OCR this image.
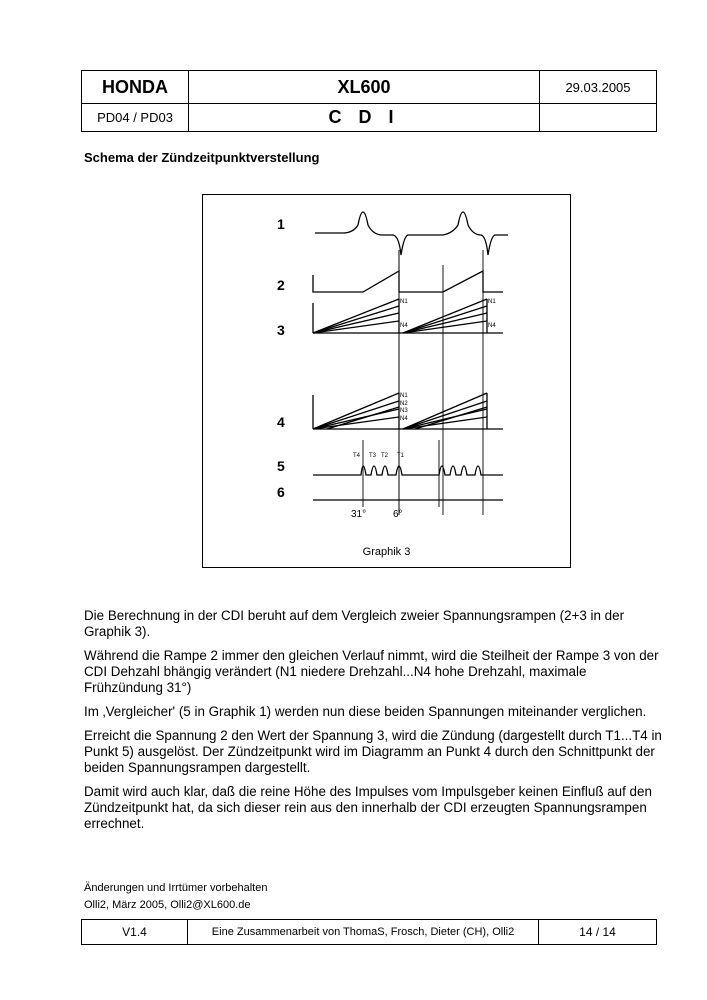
HONDA	XL600	29.03.2005
PD04 / PD03	C D I	
Schema der Zündzeitpunktverstellung
1
2
3
4
5
6
N1
N4
N1
N4
N1
N2
N3
N4
T4 T3 T2 T1
31°	6°
Graphik 3

Die Berechnung in der CDI beruht auf dem Vergleich zweier Spannungsrampen (2+3 in der Graphik 3).

Während die Rampe 2 immer den gleichen Verlauf nimmt, wird die Steilheit der Rampe 3 von der CDI Dehzahl bhängig verändert (N1 niedere Drehzahl...N4 hohe Drehzahl, maximale Frühzündung 31°)

Im ‚Vergleicher' (5 in Graphik 1) werden nun diese beiden Spannungen miteinander verglichen.

Erreicht die Spannung 2 den Wert der Spannung 3, wird die Zündung (dargestellt durch T1...T4 in Punkt 5) ausgelöst. Der Zündzeitpunkt wird im Diagramm an Punkt 4 durch den Schnittpunkt der beiden Spannungsrampen dargestellt.

Damit wird auch klar, daß die reine Höhe des Impulses vom Impulsgeber keinen Einfluß auf den Zündzeitpunkt hat, da sich dieser rein aus den innerhalb der CDI erzeugten Spannungsrampen errechnet.

Änderungen und Irrtümer vorbehalten
Olli2, März 2005, Olli2@XL600.de
V1.4	Eine Zusammenarbeit von ThomaS, Frosch, Dieter (CH), Olli2	14 / 14
